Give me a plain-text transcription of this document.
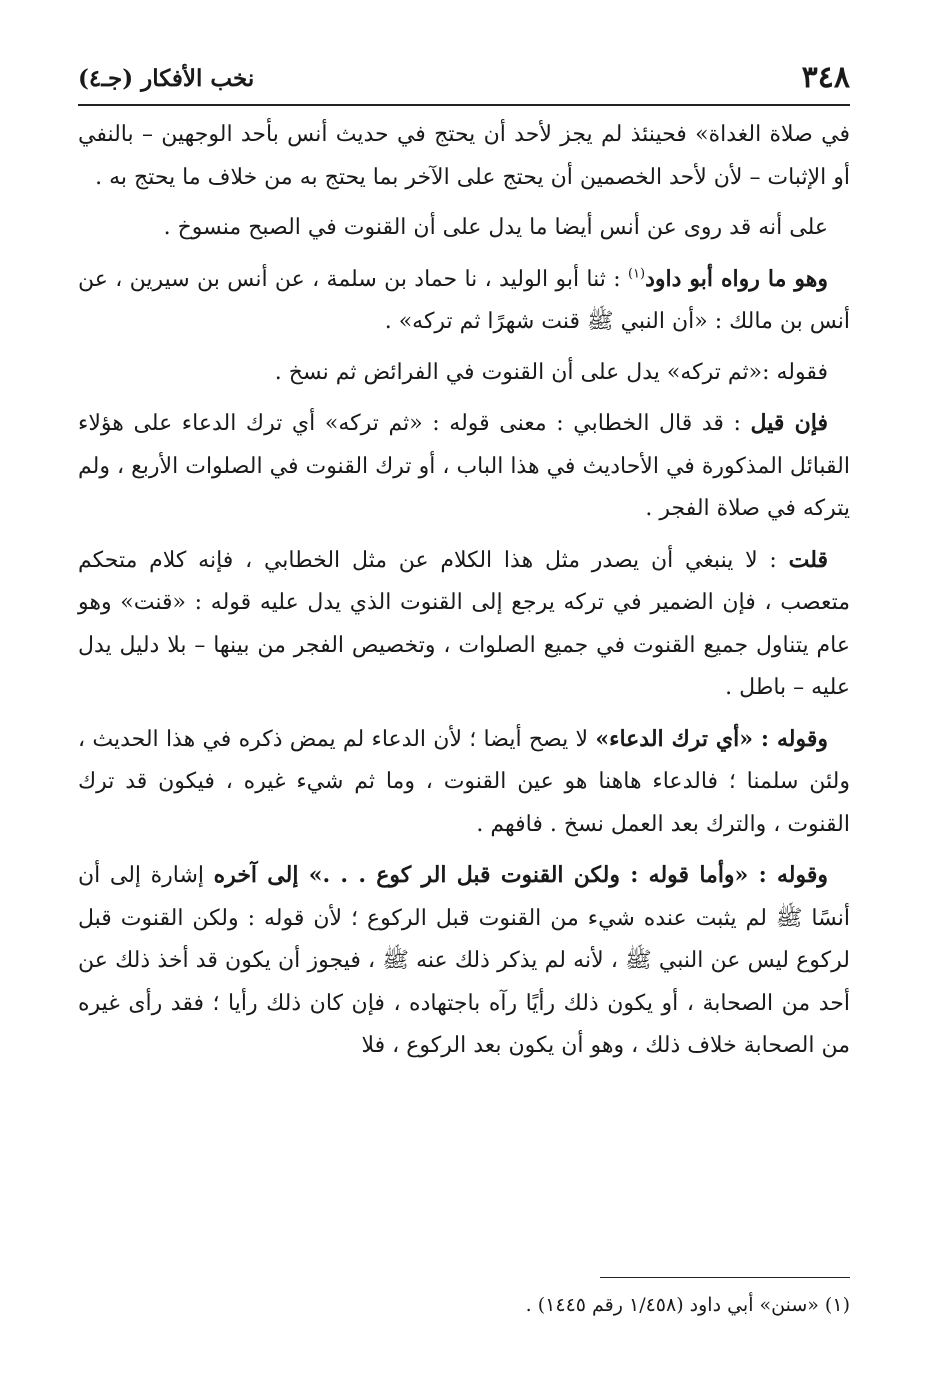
٣٤٨
نخب الأفكار (جـ٤)

في صلاة الغداة» فحينئذ لم يجز لأحد أن يحتج في حديث أنس بأحد الوجهين – بالنفي أو الإثبات – لأن لأحد الخصمين أن يحتج على الآخر بما يحتج به من خلاف ما يحتج به .

على أنه قد روى عن أنس أيضا ما يدل على أن القنوت في الصبح منسوخ .

وهو ما رواه أبو داود$^{(١)}$ : ثنا أبو الوليد ، نا حماد بن سلمة ، عن أنس بن سيرين ، عن أنس بن مالك : «أن النبي ﷺ قنت شهرًا ثم تركه» .

فقوله :«ثم تركه» يدل على أن القنوت في الفرائض ثم نسخ .

فإن قيل : قد قال الخطابي : معنى قوله : «ثم تركه» أي ترك الدعاء على هؤلاء القبائل المذكورة في الأحاديث في هذا الباب ، أو ترك القنوت في الصلوات الأربع ، ولم يتركه في صلاة الفجر .

قلت : لا ينبغي أن يصدر مثل هذا الكلام عن مثل الخطابي ، فإنه كلام متحكم متعصب ، فإن الضمير في تركه يرجع إلى القنوت الذي يدل عليه قوله : «قنت» وهو عام يتناول جميع القنوت في جميع الصلوات ، وتخصيص الفجر من بينها – بلا دليل يدل عليه – باطل .

وقوله : «أي ترك الدعاء» لا يصح أيضا ؛ لأن الدعاء لم يمض ذكره في هذا الحديث ، ولئن سلمنا ؛ فالدعاء هاهنا هو عين القنوت ، وما ثم شيء غيره ، فيكون قد ترك القنوت ، والترك بعد العمل نسخ . فافهم .

وقوله : «وأما قوله : ولكن القنوت قبل الر كوع . . .» إلى آخره إشارة إلى أن أنسًا ﷺ لم يثبت عنده شيء من القنوت قبل الركوع ؛ لأن قوله : ولكن القنوت قبل لركوع ليس عن النبي ﷺ ، لأنه لم يذكر ذلك عنه ﷺ ، فيجوز أن يكون قد أخذ ذلك عن أحد من الصحابة ، أو يكون ذلك رأيًا رآه باجتهاده ، فإن كان ذلك رأيا ؛ فقد رأى غيره من الصحابة خلاف ذلك ، وهو أن يكون بعد الركوع ، فلا

(١) «سنن» أبي داود (١/٤٥٨ رقم ١٤٤٥) .
